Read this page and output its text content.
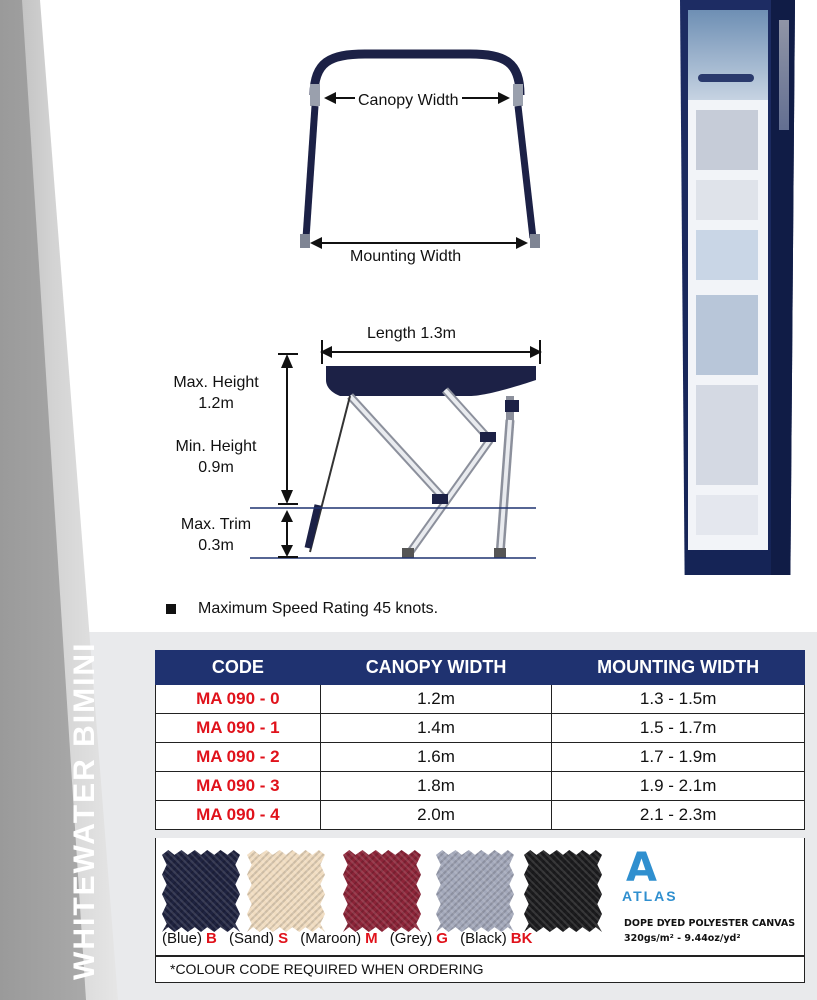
WHITEWATER BIMINI
Canopy Width
Mounting Width
Length 1.3m
Max. Height
1.2m
Min. Height
0.9m
Max. Trim
0.3m
Maximum Speed Rating 45 knots.
CODE	CANOPY WIDTH	MOUNTING WIDTH
MA 090 - 0	1.2m	1.3 - 1.5m
MA 090 - 1	1.4m	1.5 - 1.7m
MA 090 - 2	1.6m	1.7 - 1.9m
MA 090 - 3	1.8m	1.9 - 2.1m
MA 090 - 4	2.0m	2.1 - 2.3m
(Blue) B (Sand) S (Maroon) M (Grey) G (Black) BK
A
ATLAS
DOPE DYED POLYESTER CANVAS
320gs/m² - 9.44oz/yd²
*COLOUR CODE REQUIRED WHEN ORDERING
